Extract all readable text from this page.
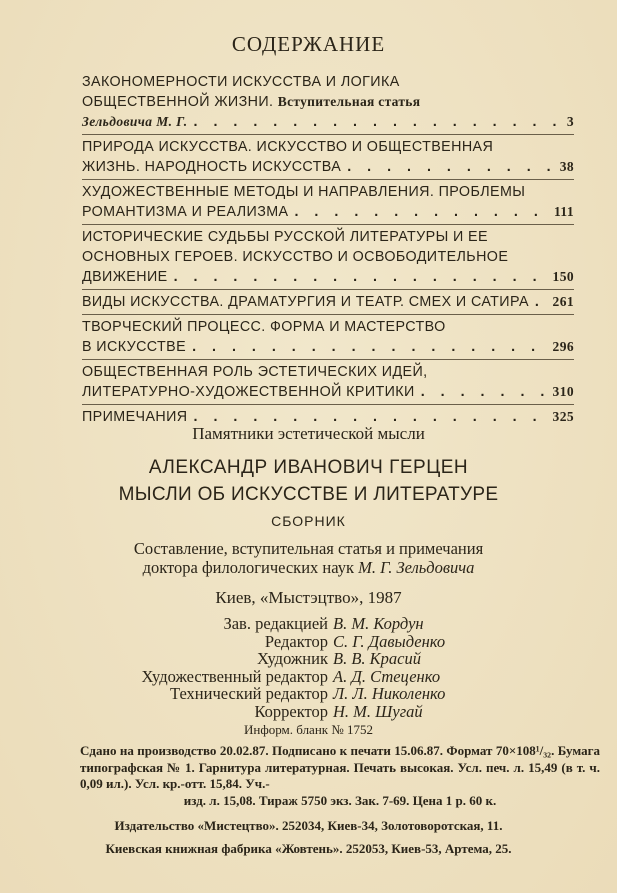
СОДЕРЖАНИЕ
ЗАКОНОМЕРНОСТИ ИСКУССТВА И ЛОГИКА
ОБЩЕСТВЕННОЙ ЖИЗНИ. Вступительная статья
Зельдовича М. Г. . . .	3
ПРИРОДА ИСКУССТВА. ИСКУССТВО И ОБЩЕСТВЕННАЯ
ЖИЗНЬ. НАРОДНОСТЬ ИСКУССТВА . . .	38
ХУДОЖЕСТВЕННЫЕ МЕТОДЫ И НАПРАВЛЕНИЯ. ПРОБЛЕМЫ
РОМАНТИЗМА И РЕАЛИЗМА . . .	111
ИСТОРИЧЕСКИЕ СУДЬБЫ РУССКОЙ ЛИТЕРАТУРЫ И ЕЕ
ОСНОВНЫХ ГЕРОЕВ. ИСКУССТВО И ОСВОБОДИТЕЛЬНОЕ
ДВИЖЕНИЕ . . .	150
ВИДЫ ИСКУССТВА. ДРАМАТУРГИЯ И ТЕАТР. СМЕХ И САТИРА . . . 261
ТВОРЧЕСКИЙ ПРОЦЕСС. ФОРМА И МАСТЕРСТВО
В ИСКУССТВЕ . . .	296
ОБЩЕСТВЕННАЯ РОЛЬ ЭСТЕТИЧЕСКИХ ИДЕЙ,
ЛИТЕРАТУРНО-ХУДОЖЕСТВЕННОЙ КРИТИКИ . . .	310
ПРИМЕЧАНИЯ . . .	325
Памятники эстетической мысли
АЛЕКСАНДР ИВАНОВИЧ ГЕРЦЕН
МЫСЛИ ОБ ИСКУССТВЕ И ЛИТЕРАТУРЕ
СБОРНИК
Составление, вступительная статья и примечания
доктора филологических наук М. Г. Зельдовича
Киев, «Мыстэцтво», 1987
Зав. редакцией В. М. Кордун
Редактор С. Г. Давыденко
Художник В. В. Красий
Художественный редактор А. Д. Стеценко
Технический редактор Л. Л. Николенко
Корректор Н. М. Шугай
Информ. бланк № 1752
Сдано на производство 20.02.87. Подписано к печати 15.06.87. Формат 70×108¹/₃₂. Бумага типографская № 1. Гарнитура литературная. Печать высокая. Усл. печ. л. 15,49 (в т. ч. 0,09 ил.). Усл. кр.-отт. 15,84. Уч.-
изд. л. 15,08. Тираж 5750 экз. Зак. 7-69. Цена 1 р. 60 к.
Издательство «Мистецтво». 252034, Киев-34, Золотоворотская, 11.
Киевская книжная фабрика «Жовтень». 252053, Киев-53, Артема, 25.
